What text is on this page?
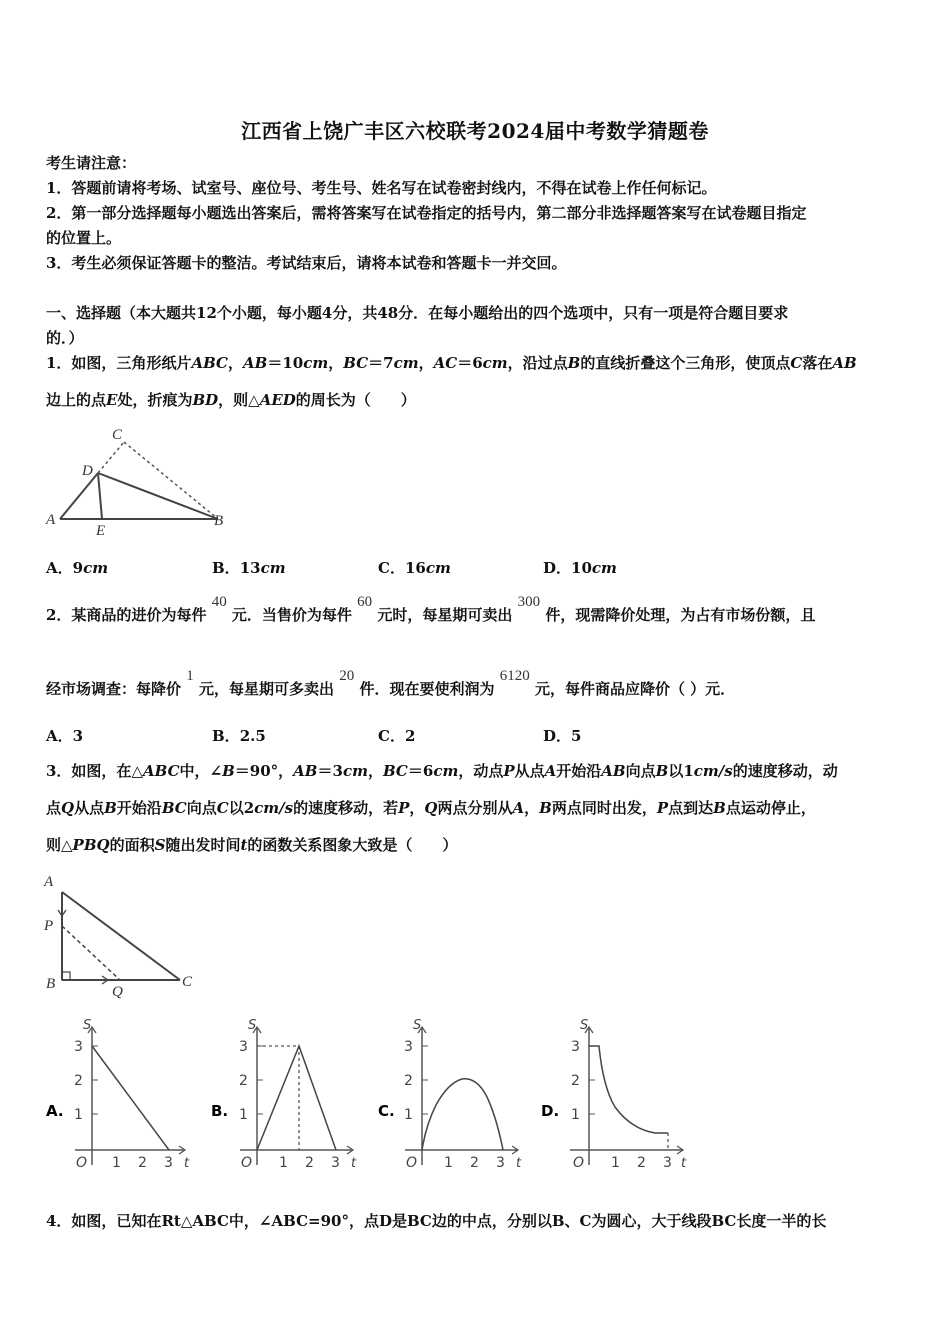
江西省上饶广丰区六校联考2024届中考数学猜题卷
考生请注意：
1．答题前请将考场、试室号、座位号、考生号、姓名写在试卷密封线内，不得在试卷上作任何标记。
2．第一部分选择题每小题选出答案后，需将答案写在试卷指定的括号内，第二部分非选择题答案写在试卷题目指定
的位置上。
3．考生必须保证答题卡的整洁。考试结束后，请将本试卷和答题卡一并交回。
一、选择题（本大题共12个小题，每小题4分，共48分．在每小题给出的四个选项中，只有一项是符合题目要求
的．）
1．如图，三角形纸片ABC，AB＝10cm，BC＝7cm，AC＝6cm，沿过点B的直线折叠这个三角形，使顶点C落在AB
边上的点E处，折痕为BD，则△AED的周长为（　　）
C
D
A
E
B
A．9cm	B．13cm	C．16cm	D．10cm
2．某商品的进价为每件 40 元．当售价为每件 60 元时，每星期可卖出 300 件，现需降价处理，为占有市场份额，且
经市场调查：每降价 1 元，每星期可多卖出 20 件．现在要使利润为 6120 元，每件商品应降价（ ）元．
A．3	B．2.5	C．2	D．5
3．如图，在△ABC中，∠B＝90°，AB＝3cm，BC＝6cm，动点P从点A开始沿AB向点B以1cm/s的速度移动，动
点Q从点B开始沿BC向点C以2cm/s的速度移动，若P，Q两点分别从A，B两点同时出发，P点到达B点运动停止，
则△PBQ的面积S随出发时间t的函数关系图象大致是（　　）
A
P
B	Q
C
A. 1
2
3
S
O 1 2 3 t
B. 1
2
3
S
O 1 2 3 t
C. 1
2
3
S
O 1 2 3 t
D. 1
2
3
S
O 1 2 3 t
4．如图，已知在Rt△ABC中，∠ABC=90°，点D是BC边的中点，分别以B、C为圆心，大于线段BC长度一半的长
